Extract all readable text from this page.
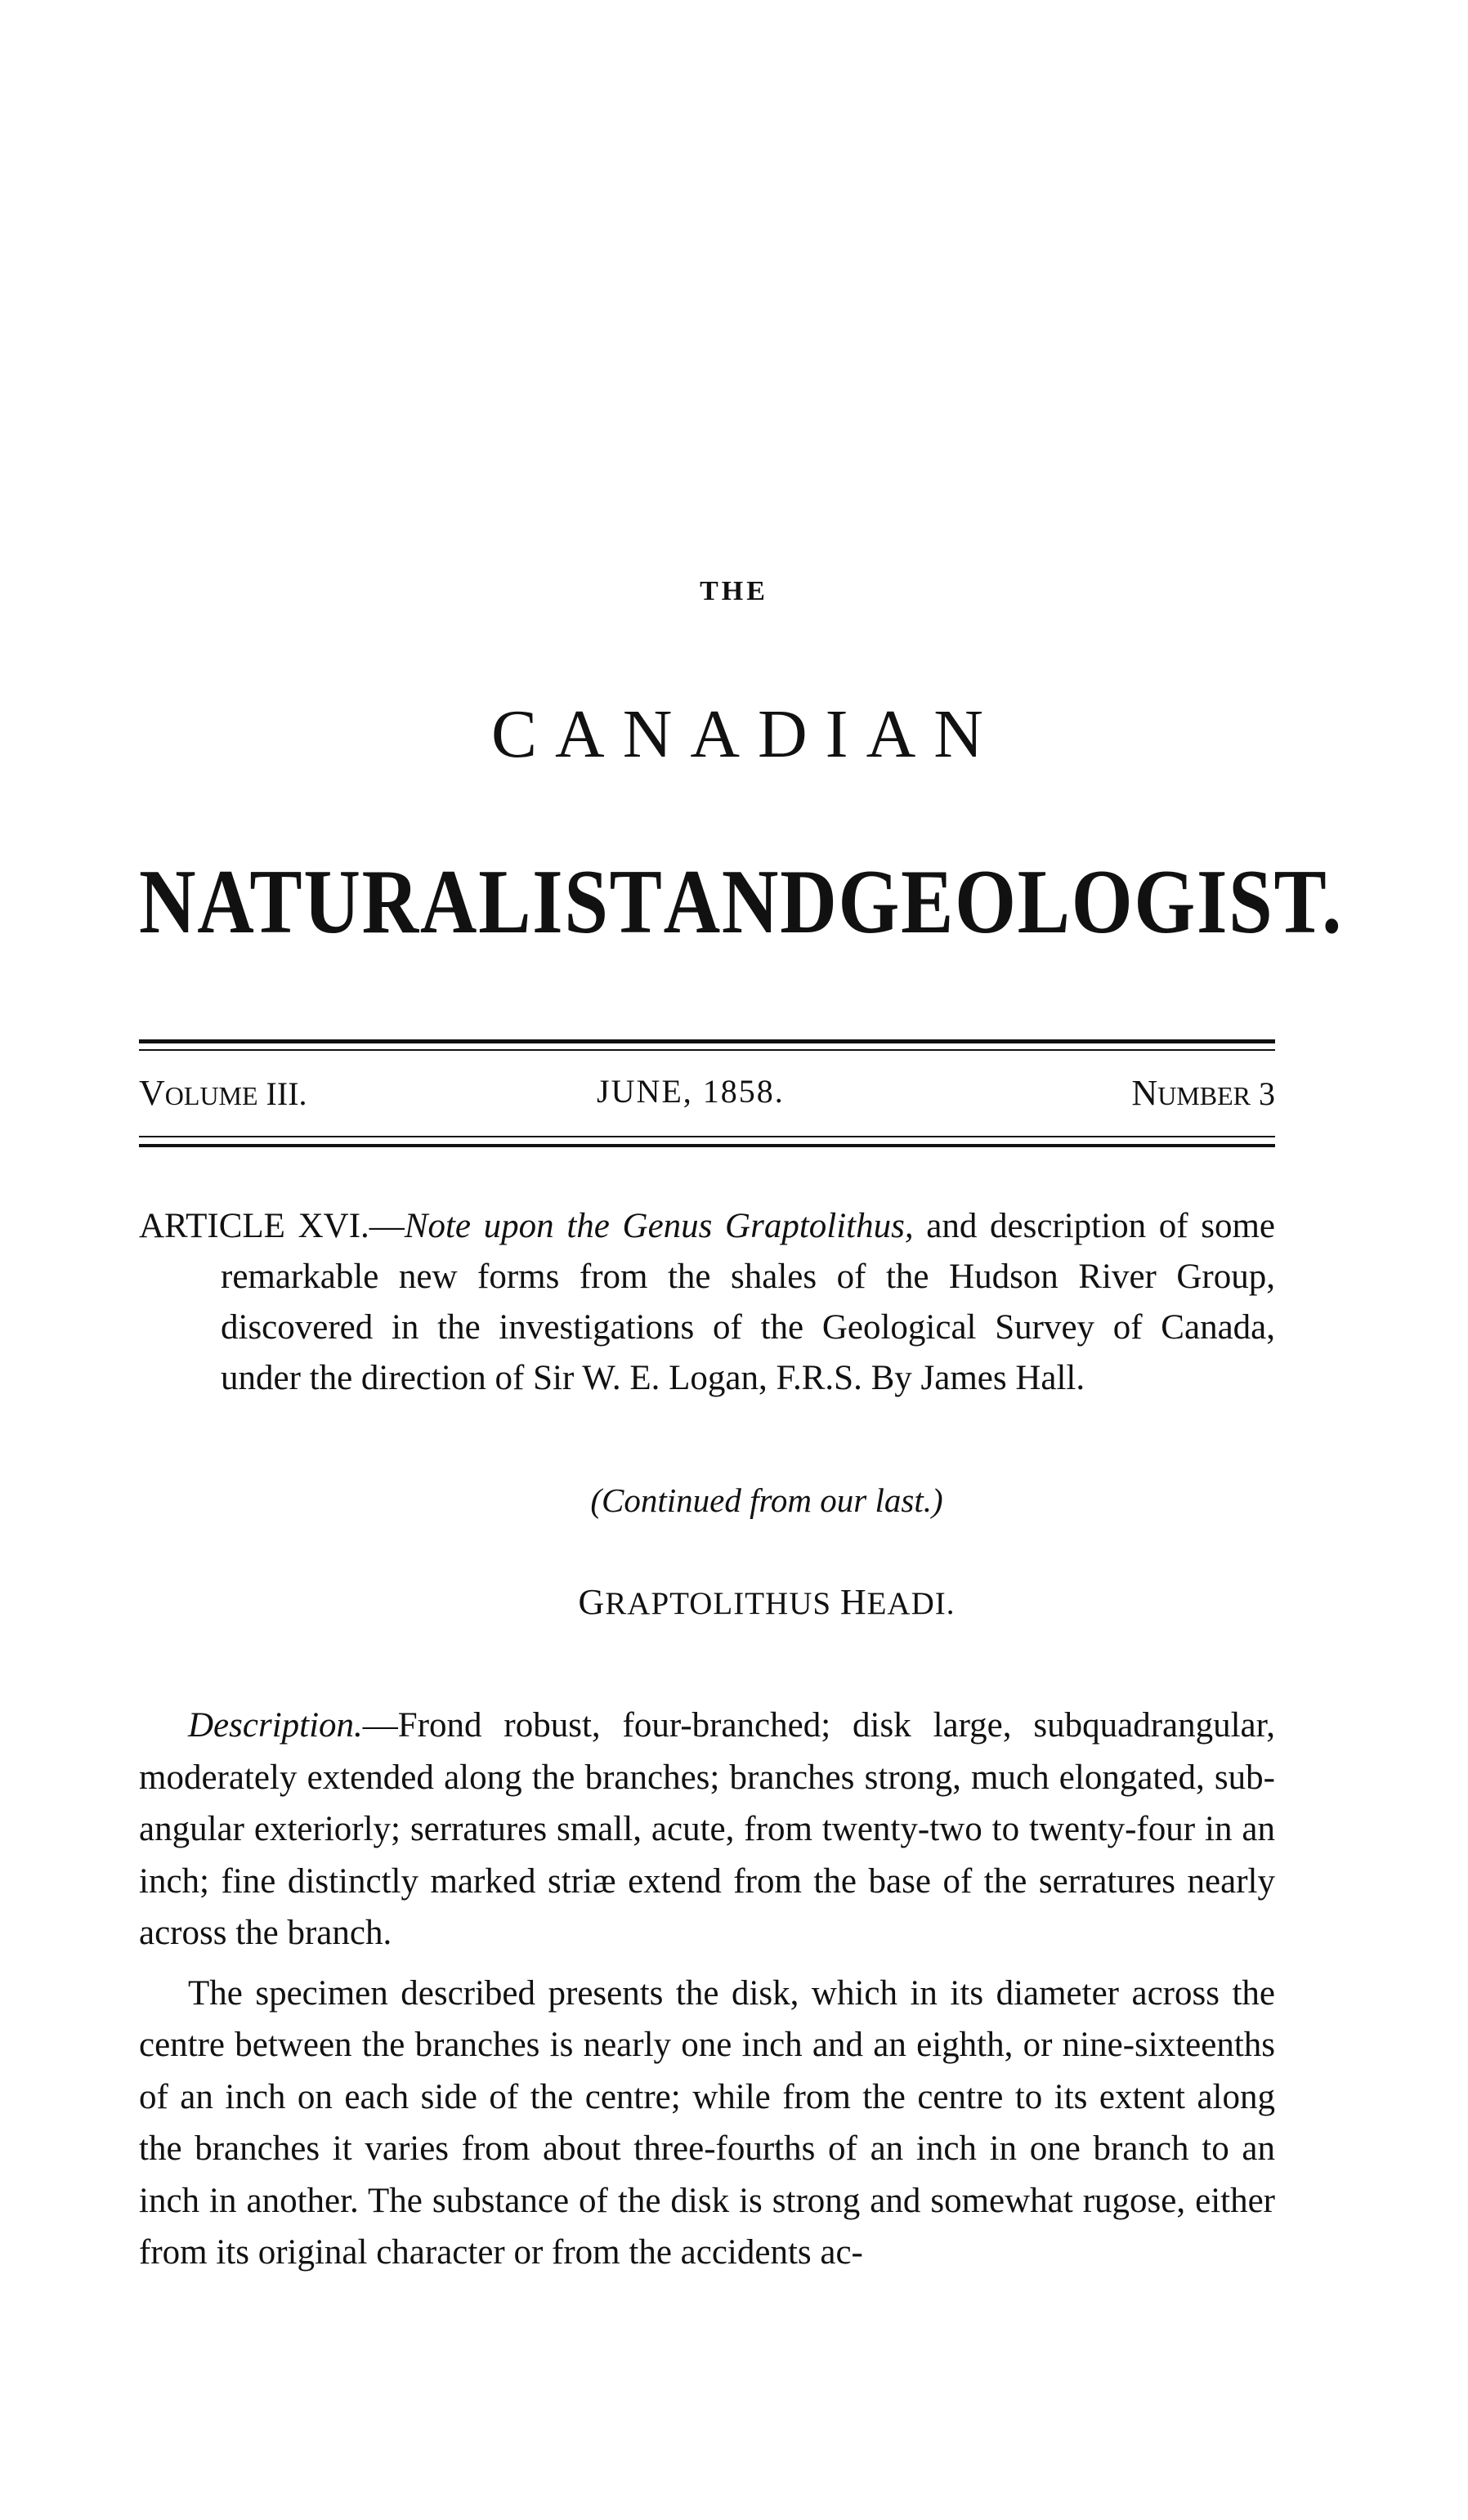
THE
CANADIAN
NATURALIST AND GEOLOGIST.
VOLUME III.	JUNE, 1858.	NUMBER 3
ARTICLE XVI.—Note upon the Genus Graptolithus, and description of some remarkable new forms from the shales of the Hudson River Group, discovered in the investigations of the Geological Survey of Canada, under the direction of Sir W. E. Logan, F.R.S. By James Hall.
(Continued from our last.)
GRAPTOLITHUS HEADI.

Description.—Frond robust, four-branched; disk large, subquadrangular, moderately extended along the branches; branches strong, much elongated, sub-angular exteriorly; serratures small, acute, from twenty-two to twenty-four in an inch; fine distinctly marked striæ extend from the base of the serratures nearly across the branch.

The specimen described presents the disk, which in its diameter across the centre between the branches is nearly one inch and an eighth, or nine-sixteenths of an inch on each side of the centre; while from the centre to its extent along the branches it varies from about three-fourths of an inch in one branch to an inch in another. The substance of the disk is strong and somewhat rugose, either from its original character or from the accidents ac-
